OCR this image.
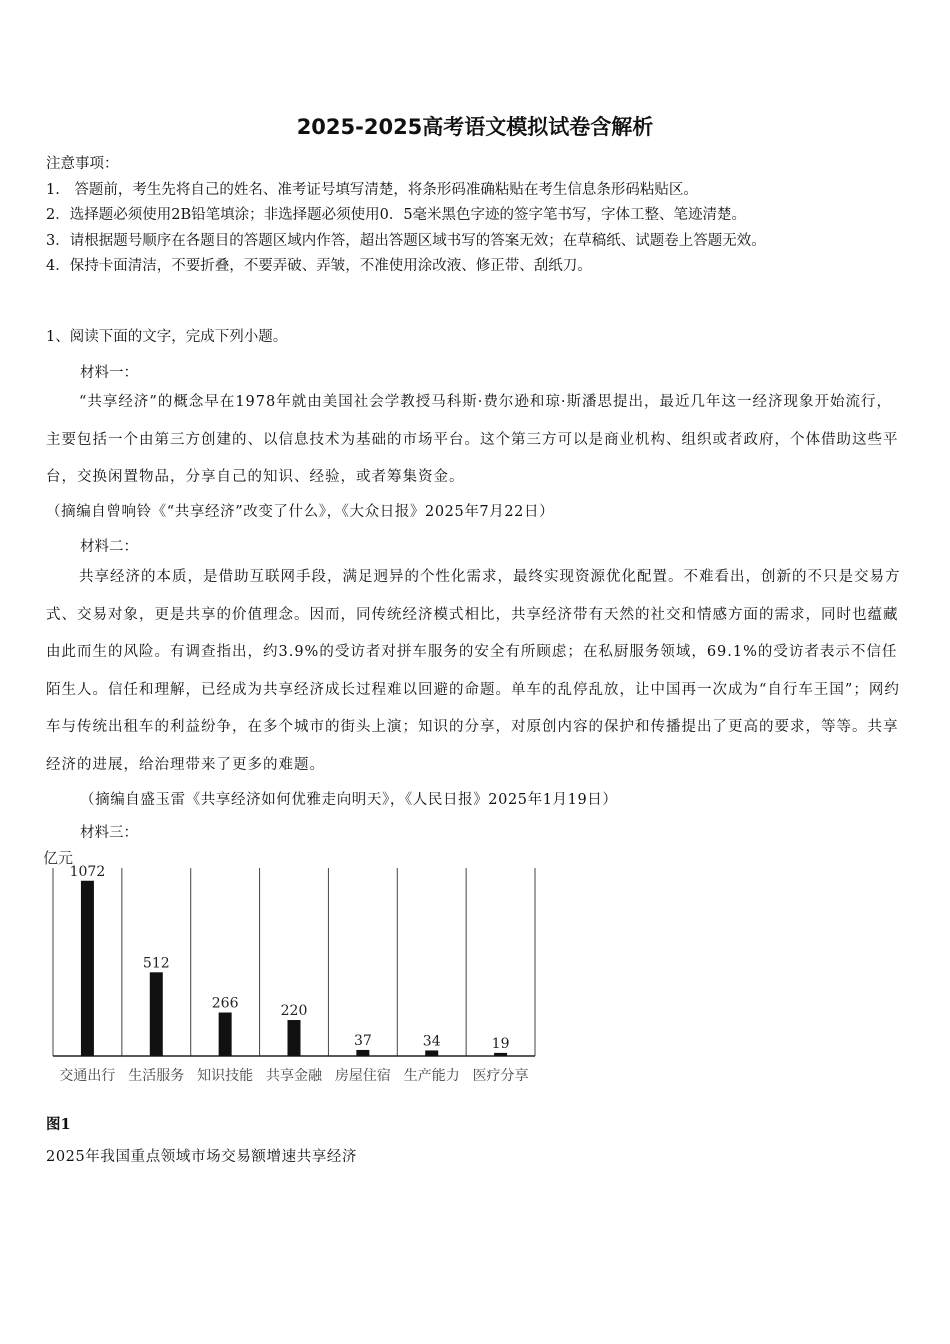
2025-2025高考语文模拟试卷含解析
注意事项：
1.　答题前，考生先将自己的姓名、准考证号填写清楚，将条形码准确粘贴在考生信息条形码粘贴区。
2．选择题必须使用2B铅笔填涂；非选择题必须使用0．5毫米黑色字迹的签字笔书写，字体工整、笔迹清楚。
3．请根据题号顺序在各题目的答题区域内作答，超出答题区域书写的答案无效；在草稿纸、试题卷上答题无效。
4．保持卡面清洁，不要折叠，不要弄破、弄皱，不准使用涂改液、修正带、刮纸刀。
1、阅读下面的文字，完成下列小题。
材料一：

“共享经济”的概念早在1978年就由美国社会学教授马科斯·费尔逊和琼·斯潘思提出，最近几年这一经济现象开始流行，主要包括一个由第三方创建的、以信息技术为基础的市场平台。这个第三方可以是商业机构、组织或者政府，个体借助这些平台，交换闲置物品，分享自己的知识、经验，或者筹集资金。

（摘编自曾响铃《“共享经济”改变了什么》，《大众日报》2025年7月22日）
材料二：

共享经济的本质，是借助互联网手段，满足迥异的个性化需求，最终实现资源优化配置。不难看出，创新的不只是交易方式、交易对象，更是共享的价值理念。因而，同传统经济模式相比，共享经济带有天然的社交和情感方面的需求，同时也蕴藏由此而生的风险。有调查指出，约3.9%的受访者对拼车服务的安全有所顾虑；在私厨服务领域，69.1%的受访者表示不信任陌生人。信任和理解，已经成为共享经济成长过程难以回避的命题。单车的乱停乱放，让中国再一次成为“自行车王国”；网约车与传统出租车的利益纷争，在多个城市的街头上演；知识的分享，对原创内容的保护和传播提出了更高的要求，等等。共享经济的进展，给治理带来了更多的难题。

（摘编自盛玉雷《共享经济如何优雅走向明天》，《人民日报》2025年1月19日）
材料三：
亿元
1072
交通出行
512
生活服务
266
知识技能
220
共享金融
37
房屋住宿
34
生产能力
19
医疗分享
图1
2025年我国重点领域市场交易额增速共享经济
